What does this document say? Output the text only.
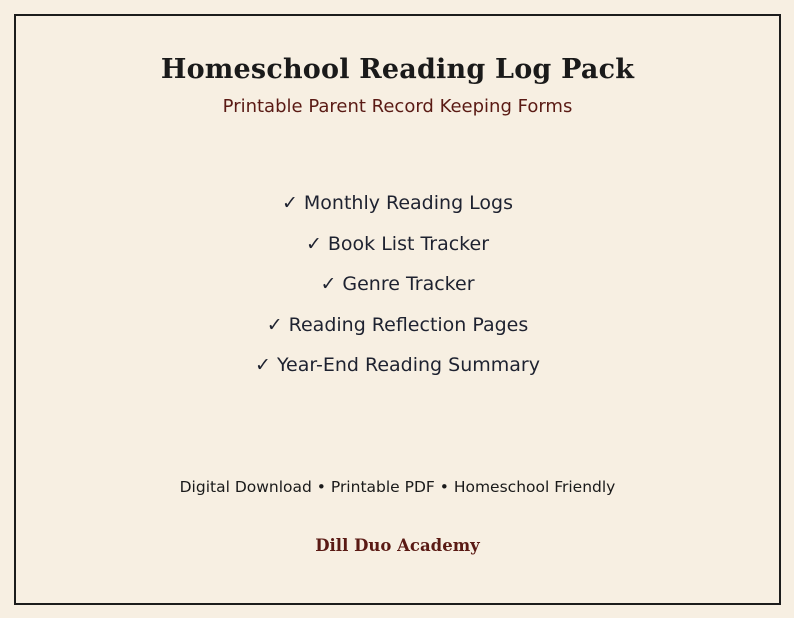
Homeschool Reading Log Pack
Printable Parent Record Keeping Forms
✓ Monthly Reading Logs
✓ Book List Tracker
✓ Genre Tracker
✓ Reading Reflection Pages
✓ Year-End Reading Summary
Digital Download • Printable PDF • Homeschool Friendly
Dill Duo Academy
